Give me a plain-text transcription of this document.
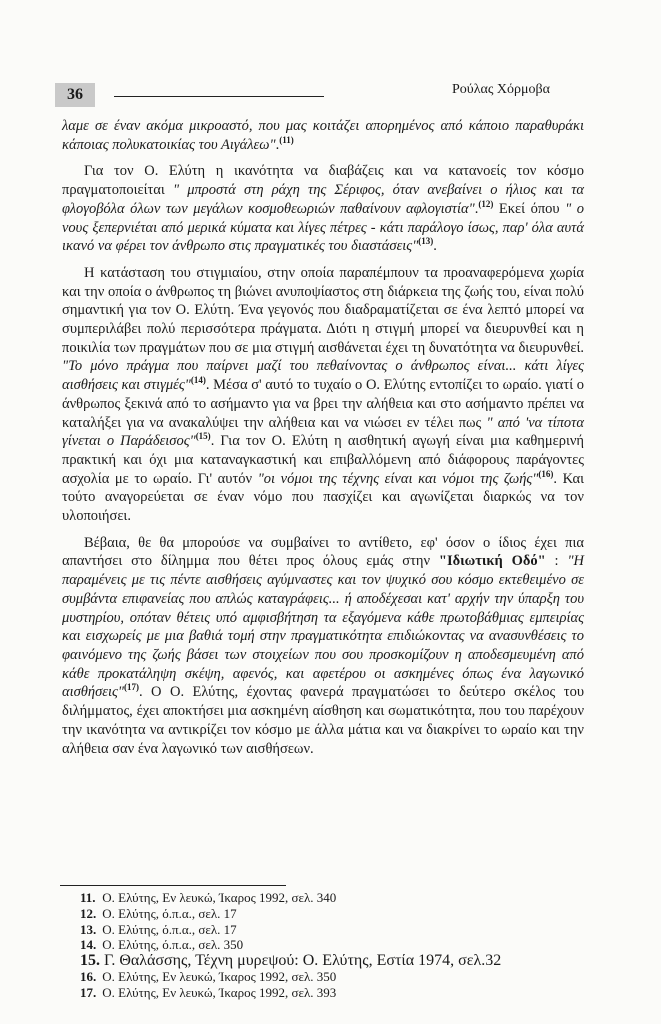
36	Ρούλας Χόρμοβα

λαμε σε έναν ακόμα μικροαστό, που μας κοιτάζει απορημένος από κάποιο παραθυράκι κάποιας πολυκατοικίας του Αιγάλεω".$^{(11)}$

Για τον Ο. Ελύτη η ικανότητα να διαβάζεις και να κατανοείς τον κόσμο πραγματοποιείται " μπροστά στη ράχη της Σέριφος, όταν ανεβαίνει ο ήλιος και τα φλογοβόλα όλων των μεγάλων κοσμοθεωριών παθαίνουν αφλογιστία".$^{(12)}$ Εκεί όπου " ο νους ξεπερνιέται από μερικά κύματα και λίγες πέτρες - κάτι παράλογο ίσως, παρ' όλα αυτά ικανό να φέρει τον άνθρωπο στις πραγματικές του διαστάσεις"$^{(13)}$.

Η κατάσταση του στιγμιαίου, στην οποία παραπέμπουν τα προαναφερόμενα χωρία και την οποία ο άνθρωπος τη βιώνει ανυποψίαστος στη διάρκεια της ζωής του, είναι πολύ σημαντική για τον Ο. Ελύτη. Ένα γεγονός που διαδραματίζεται σε ένα λεπτό μπορεί να συμπεριλάβει πολύ περισσότερα πράγματα. Διότι η στιγμή μπορεί να διευρυνθεί και η ποικιλία των πραγμάτων που σε μια στιγμή αισθάνεται έχει τη δυνατότητα να διευρυνθεί. "Το μόνο πράγμα που παίρνει μαζί του πεθαίνοντας ο άνθρωπος είναι... κάτι λίγες αισθήσεις και στιγμές"$^{(14)}$. Μέσα σ' αυτό το τυχαίο ο Ο. Ελύτης εντοπίζει το ωραίο. γιατί ο άνθρωπος ξεκινά από το ασήμαντο για να βρει την αλήθεια και στο ασήμαντο πρέπει να καταλήξει για να ανακαλύψει την αλήθεια και να νιώσει εν τέλει πως " από 'να τίποτα γίνεται ο Παράδεισος"$^{(15)}$. Για τον Ο. Ελύτη η αισθητική αγωγή είναι μια καθημερινή πρακτική και όχι μια καταναγκαστική και επιβαλλόμενη από διάφορους παράγοντες ασχολία με το ωραίο. Γι' αυτόν "οι νόμοι της τέχνης είναι και νόμοι της ζωής"$^{(16)}$. Και τούτο αναγορεύεται σε έναν νόμο που πασχίζει και αγωνίζεται διαρκώς να τον υλοποιήσει.

Βέβαια, θε θα μπορούσε να συμβαίνει το αντίθετο, εφ' όσον ο ίδιος έχει πια απαντήσει στο δίλημμα που θέτει προς όλους εμάς στην "Ιδιωτική Οδό" : "Η παραμένεις με τις πέντε αισθήσεις αγύμναστες και τον ψυχικό σου κόσμο εκτεθειμένο σε συμβάντα επιφανείας που απλώς καταγράφεις... ή αποδέχεσαι κατ' αρχήν την ύπαρξη του μυστηρίου, οπόταν θέτεις υπό αμφισβήτηση τα εξαγόμενα κάθε πρωτοβάθμιας εμπειρίας και εισχωρείς με μια βαθιά τομή στην πραγματικότητα επιδιώκοντας να ανασυνθέσεις το φαινόμενο της ζωής βάσει των στοιχείων που σου προσκομίζουν η αποδεσμευμένη από κάθε προκατάληψη σκέψη, αφενός, και αφετέρου οι ασκημένες όπως ένα λαγωνικό αισθήσεις"$^{(17)}$. Ο Ο. Ελύτης, έχοντας φανερά πραγματώσει το δεύτερο σκέλος του διλήμματος, έχει αποκτήσει μια ασκημένη αίσθηση και σωματικότητα, που του παρέχουν την ικανότητα να αντικρίζει τον κόσμο με άλλα μάτια και να διακρίνει το ωραίο και την αλήθεια σαν ένα λαγωνικό των αισθήσεων.

11. Ο. Ελύτης, Εν λευκώ, Ίκαρος 1992, σελ. 340
12. Ο. Ελύτης, ό.π.α., σελ. 17
13. Ο. Ελύτης, ό.π.α., σελ. 17
14. Ο. Ελύτης, ό.π.α., σελ. 350
15. Γ. Θαλάσσης, Τέχνη μυρεψού: Ο. Ελύτης, Εστία 1974, σελ.32
16. Ο. Ελύτης, Εν λευκώ, Ίκαρος 1992, σελ. 350
17. Ο. Ελύτης, Εν λευκώ, Ίκαρος 1992, σελ. 393
